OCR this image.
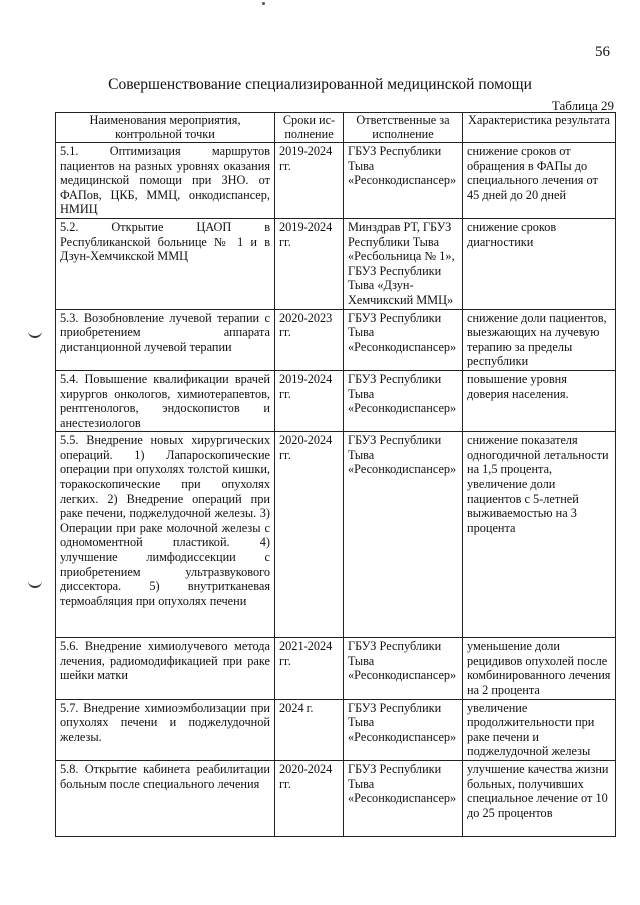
56
Совершенствование специализированной медицинской помощи
Таблица 29
Наименования мероприятия, контрольной точки	Сроки ис-полнение	Ответственные за исполнение	Характеристика результата
5.1. Оптимизация маршрутов пациентов на разных уровнях оказания медицинской помощи при ЗНО. от ФАПов, ЦКБ, ММЦ, онкодиспансер, НМИЦ	2019-2024 гг.	ГБУЗ Республики Тыва «Ресонкодиспансер»	снижение сроков от обращения в ФАПы до специального лечения от 45 дней до 20 дней
5.2. Открытие ЦАОП в Республиканской больнице № 1 и в Дзун-Хемчикской ММЦ	2019-2024 гг.	Минздрав РТ, ГБУЗ Республики Тыва «Ресбольница № 1», ГБУЗ Республики Тыва «Дзун-Хемчикский ММЦ»	снижение сроков диагностики
5.3. Возобновление лучевой терапии с приобретением аппарата дистанционной лучевой терапии	2020-2023 гг.	ГБУЗ Республики Тыва «Ресонкодиспансер»	снижение доли пациентов, выезжающих на лучевую терапию за пределы республики
5.4. Повышение квалификации врачей хирургов онкологов, химиотерапевтов, рентгенологов, эндоскопистов и анестезиологов	2019-2024 гг.	ГБУЗ Республики Тыва «Ресонкодиспансер»	повышение уровня доверия населения.
5.5. Внедрение новых хирургических операций. 1) Лапароскопические операции при опухолях толстой кишки, торакоскопические при опухолях легких. 2) Внедрение операций при раке печени, поджелудочной железы. 3) Операции при раке молочной железы с одномоментной пластикой. 4) улучшение лимфодиссекции с приобретением ультразвукового диссектора. 5) внутритканевая термоабляция при опухолях печени	2020-2024 гг.	ГБУЗ Республики Тыва «Ресонкодиспансер»	снижение показателя одногодичной летальности на 1,5 процента, увеличение доли пациентов с 5-летней выживаемостью на 3 процента
5.6. Внедрение химиолучевого метода лечения, радиомодификацией при раке шейки матки	2021-2024 гг.	ГБУЗ Республики Тыва «Ресонкодиспансер»	уменьшение доли рецидивов опухолей после комбинированного лечения на 2 процента
5.7. Внедрение химиоэмболизации при опухолях печени и поджелудочной железы.	2024 г.	ГБУЗ Республики Тыва «Ресонкодиспансер»	увеличение продолжительности при раке печени и поджелудочной железы
5.8. Открытие кабинета реабилитации больным после специального лечения	2020-2024 гг.	ГБУЗ Республики Тыва «Ресонкодиспансер»	улучшение качества жизни больных, получивших специальное лечение от 10 до 25 процентов
